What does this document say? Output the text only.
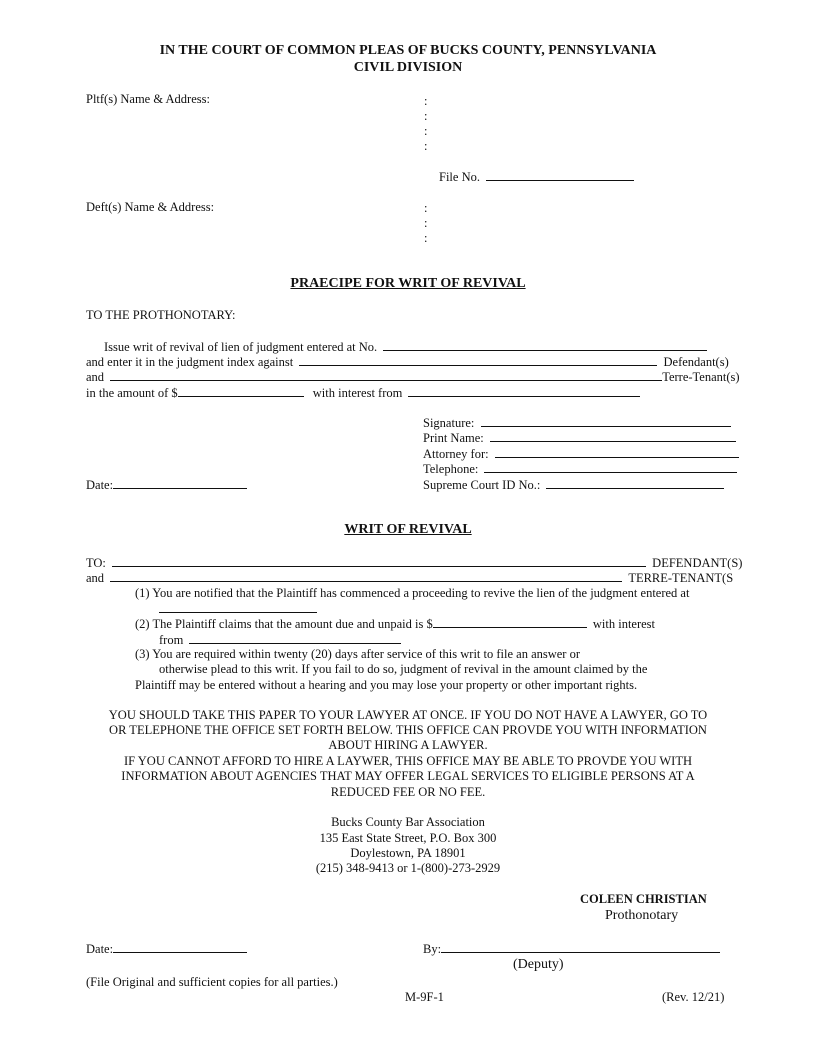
IN THE COURT OF COMMON PLEAS OF BUCKS COUNTY, PENNSYLVANIA
CIVIL DIVISION
Pltf(s) Name & Address:	:
:
:
:
File No.
Deft(s) Name & Address:	:
:
:
PRAECIPE FOR WRIT OF REVIVAL
TO THE PROTHONOTARY:
Issue writ of revival of lien of judgment entered at No.
and enter it in the judgment index against	Defendant(s)
and	Terre-Tenant(s)
in the amount of $	with interest from
Signature:
Print Name:
Attorney for:
Telephone:
Date:	Supreme Court ID No.:
WRIT OF REVIVAL
TO:	DEFENDANT(S)
and	TERRE-TENANT(S
(1) You are notified that the Plaintiff has commenced a proceeding to revive the lien of the judgment entered at
(2) The Plaintiff claims that the amount due and unpaid is $	with interest
from
(3) You are required within twenty (20) days after service of this writ to file an answer or
otherwise plead to this writ. If you fail to do so, judgment of revival in the amount claimed by the
Plaintiff may be entered without a hearing and you may lose your property or other important rights.
YOU SHOULD TAKE THIS PAPER TO YOUR LAWYER AT ONCE. IF YOU DO NOT HAVE A LAWYER, GO TO
OR TELEPHONE THE OFFICE SET FORTH BELOW. THIS OFFICE CAN PROVDE YOU WITH INFORMATION
ABOUT HIRING A LAWYER.
IF YOU CANNOT AFFORD TO HIRE A LAYWER, THIS OFFICE MAY BE ABLE TO PROVDE YOU WITH
INFORMATION ABOUT AGENCIES THAT MAY OFFER LEGAL SERVICES TO ELIGIBLE PERSONS AT A
REDUCED FEE OR NO FEE.
Bucks County Bar Association
135 East State Street, P.O. Box 300
Doylestown, PA 18901
(215) 348-9413 or 1-(800)-273-2929
COLEEN CHRISTIAN
Prothonotary
Date:	By:
(Deputy)
(File Original and sufficient copies for all parties.)
M-9F-1	(Rev. 12/21)
